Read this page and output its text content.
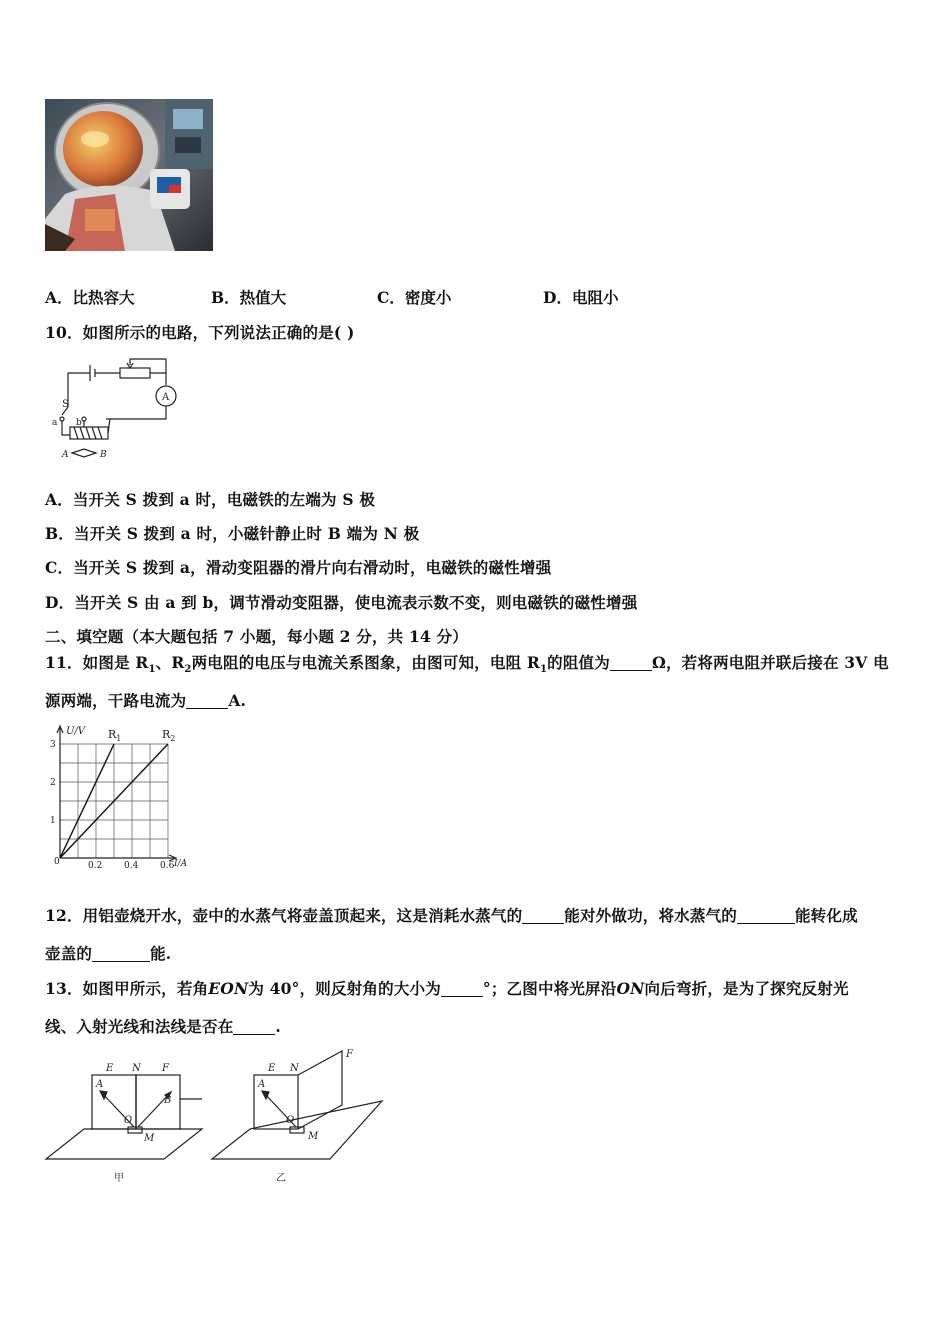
A．比热容大	B．热值大	C．密度小	D．电阻小
10．如图所示的电路，下列说法正确的是( )
S
a b
A
A	B
A．当开关 S 拨到 a 时，电磁铁的左端为 S 极
B．当开关 S 拨到 a 时，小磁针静止时 B 端为 N 极
C．当开关 S 拨到 a，滑动变阻器的滑片向右滑动时，电磁铁的磁性增强
D．当开关 S 由 a 到 b，调节滑动变阻器，使电流表示数不变，则电磁铁的磁性增强
二、填空题（本大题包括 7 小题，每小题 2 分，共 14 分）
11．如图是 $R_1$、$R_2$两电阻的电压与电流关系图象，由图可知，电阻 $R_1$的阻值为	Ω，若将两电阻并联后接在 3V 电
源两端，干路电流为	A.
0.2 0.4 0.6
1
2
3
U/V
I/A
0
$R_1$	$R_2$
12．用铝壶烧开水，壶中的水蒸气将壶盖顶起来，这是消耗水蒸气的	能对外做功，将水蒸气的	能转化成
壶盖的	能.
13．如图甲所示，若角EON为 40°，则反射角的大小为	°；乙图中将光屏沿ON向后弯折，是为了探究反射光
线、入射光线和法线是否在	.
E N F
A
B
O
M
甲
E N
F
A
O
M
乙
